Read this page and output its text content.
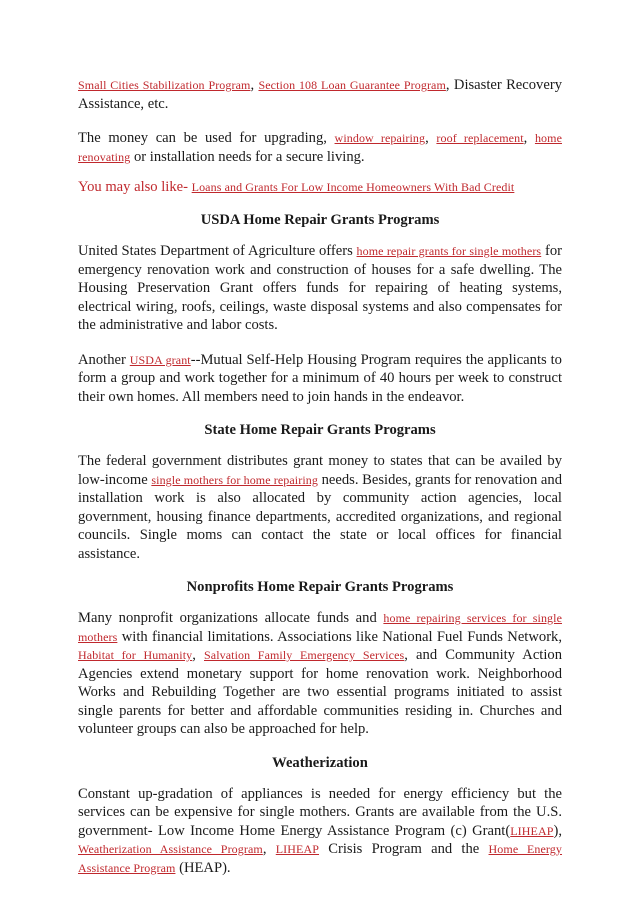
Small Cities Stabilization Program, Section 108 Loan Guarantee Program, Disaster Recovery Assistance, etc.

The money can be used for upgrading, window repairing, roof replacement, home renovating or installation needs for a secure living.

You may also like- Loans and Grants For Low Income Homeowners With Bad Credit

USDA Home Repair Grants Programs

United States Department of Agriculture offers home repair grants for single mothers for emergency renovation work and construction of houses for a safe dwelling. The Housing Preservation Grant offers funds for repairing of heating systems, electrical wiring, roofs, ceilings, waste disposal systems and also compensates for the administrative and labor costs.

Another USDA grant--Mutual Self-Help Housing Program requires the applicants to form a group and work together for a minimum of 40 hours per week to construct their own homes. All members need to join hands in the endeavor.

State Home Repair Grants Programs

The federal government distributes grant money to states that can be availed by low-income single mothers for home repairing needs. Besides, grants for renovation and installation work is also allocated by community action agencies, local government, housing finance departments, accredited organizations, and regional councils. Single moms can contact the state or local offices for financial assistance.

Nonprofits Home Repair Grants Programs

Many nonprofit organizations allocate funds and home repairing services for single mothers with financial limitations. Associations like National Fuel Funds Network, Habitat for Humanity, Salvation Family Emergency Services, and Community Action Agencies extend monetary support for home renovation work. Neighborhood Works and Rebuilding Together are two essential programs initiated to assist single parents for better and affordable communities residing in. Churches and volunteer groups can also be approached for help.

Weatherization

Constant up-gradation of appliances is needed for energy efficiency but the services can be expensive for single mothers. Grants are available from the U.S. government- Low Income Home Energy Assistance Program (c) Grant(LIHEAP), Weatherization Assistance Program, LIHEAP Crisis Program and the Home Energy Assistance Program (HEAP).
